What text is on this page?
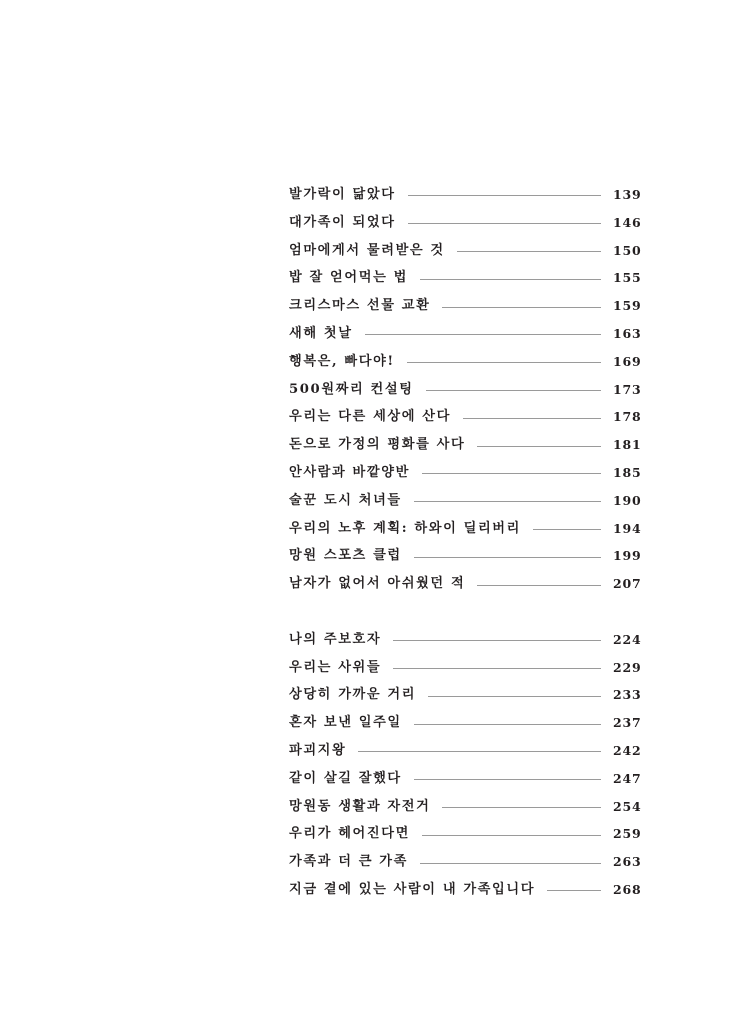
발가락이 닮았다	139
대가족이 되었다	146
엄마에게서 물려받은 것	150
밥 잘 얻어먹는 법	155
크리스마스 선물 교환	159
새해 첫날	163
행복은, 빠다야!	169
500원짜리 컨설팅	173
우리는 다른 세상에 산다	178
돈으로 가정의 평화를 사다	181
안사람과 바깥양반	185
술꾼 도시 처녀들	190
우리의 노후 계획: 하와이 딜리버리	194
망원 스포츠 클럽	199
남자가 없어서 아쉬웠던 적	207
나의 주보호자	224
우리는 사위들	229
상당히 가까운 거리	233
혼자 보낸 일주일	237
파괴지왕	242
같이 살길 잘했다	247
망원동 생활과 자전거	254
우리가 헤어진다면	259
가족과 더 큰 가족	263
지금 곁에 있는 사람이 내 가족입니다	268
